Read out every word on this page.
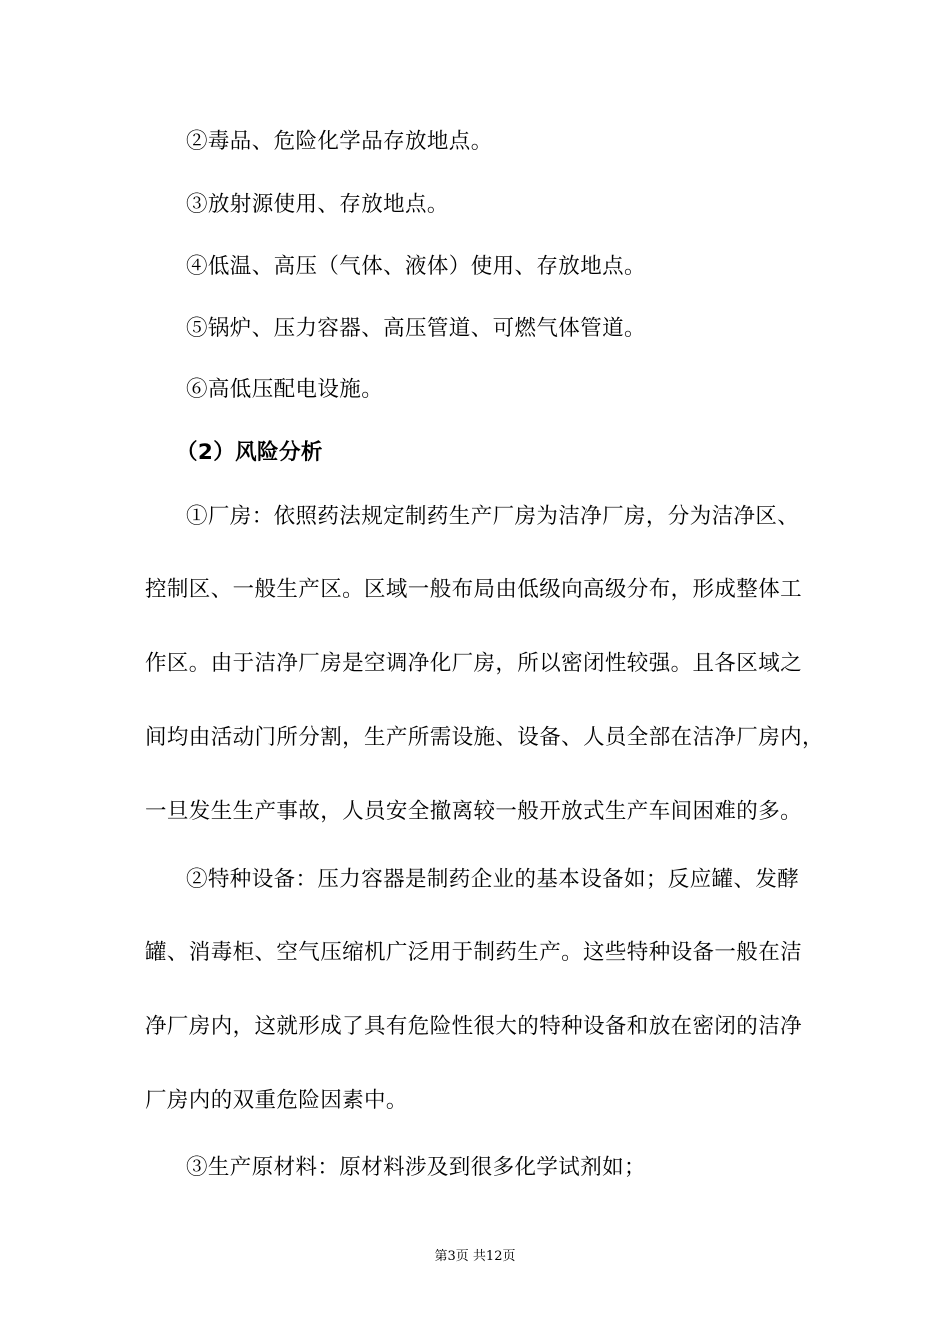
②毒品、危险化学品存放地点。
③放射源使用、存放地点。
④低温、高压（气体、液体）使用、存放地点。
⑤锅炉、压力容器、高压管道、可燃气体管道。
⑥高低压配电设施。
（2）风险分析
①厂房：依照药法规定制药生产厂房为洁净厂房，分为洁净区、
控制区、一般生产区。区域一般布局由低级向高级分布，形成整体工
作区。由于洁净厂房是空调净化厂房，所以密闭性较强。且各区域之
间均由活动门所分割，生产所需设施、设备、人员全部在洁净厂房内，
一旦发生生产事故，人员安全撤离较一般开放式生产车间困难的多。
②特种设备：压力容器是制药企业的基本设备如；反应罐、发酵
罐、消毒柜、空气压缩机广泛用于制药生产。这些特种设备一般在洁
净厂房内，这就形成了具有危险性很大的特种设备和放在密闭的洁净
厂房内的双重危险因素中。
③生产原材料：原材料涉及到很多化学试剂如；
第3页 共12页
